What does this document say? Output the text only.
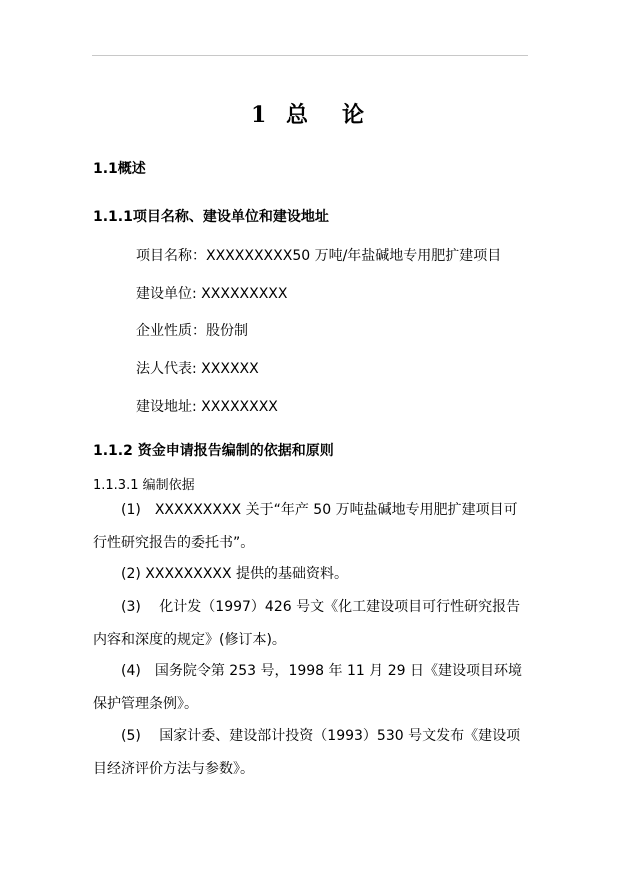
1 总　论
1.1概述
1.1.1项目名称、建设单位和建设地址
项目名称：XXXXXXXXX50 万吨/年盐碱地专用肥扩建项目
建设单位: XXXXXXXXX
企业性质：股份制
法人代表: XXXXXX
建设地址: XXXXXXXX
1.1.2 资金申请报告编制的依据和原则
1.1.3.1 编制依据
(1)　XXXXXXXXX 关于“年产 50 万吨盐碱地专用肥扩建项目可行性研究报告的委托书”。
(2) XXXXXXXXX 提供的基础资料。
(3)　 化计发（1997）426 号文《化工建设项目可行性研究报告内容和深度的规定》(修订本)。
(4)　国务院令第 253 号，1998 年 11 月 29 日《建设项目环境保护管理条例》。
(5)　 国家计委、建设部计投资（1993）530 号文发布《建设项目经济评价方法与参数》。
